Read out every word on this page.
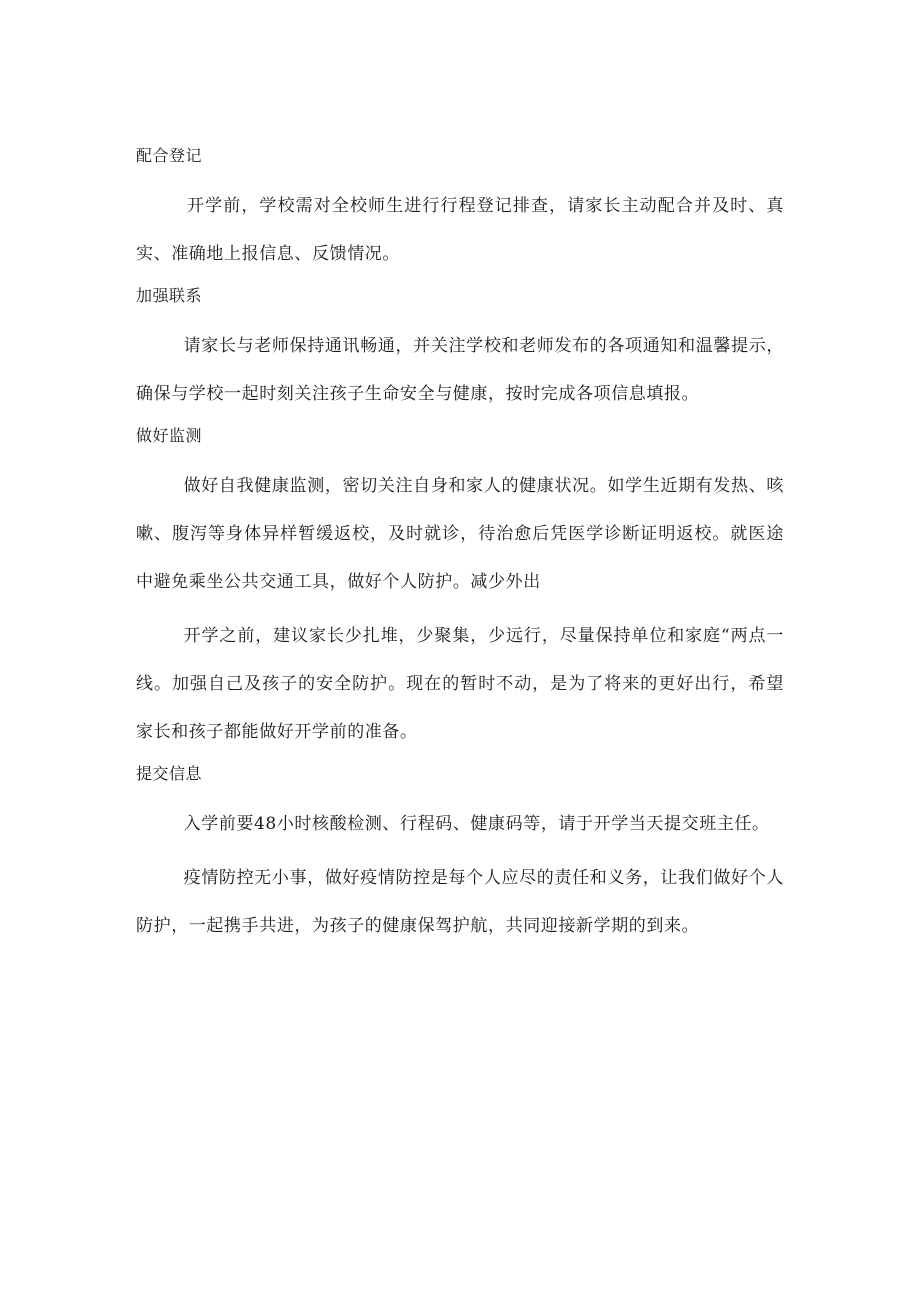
配合登记

开学前，学校需对全校师生进行行程登记排查，请家长主动配合并及时、真实、准确地上报信息、反馈情况。

加强联系

请家长与老师保持通讯畅通，并关注学校和老师发布的各项通知和温馨提示，确保与学校一起时刻关注孩子生命安全与健康，按时完成各项信息填报。

做好监测

做好自我健康监测，密切关注自身和家人的健康状况。如学生近期有发热、咳嗽、腹泻等身体异样暂缓返校，及时就诊，待治愈后凭医学诊断证明返校。就医途中避免乘坐公共交通工具，做好个人防护。减少外出

开学之前，建议家长少扎堆，少聚集，少远行，尽量保持单位和家庭“两点一线。加强自己及孩子的安全防护。现在的暂时不动，是为了将来的更好出行，希望家长和孩子都能做好开学前的准备。

提交信息

入学前要48小时核酸检测、行程码、健康码等，请于开学当天提交班主任。

疫情防控无小事，做好疫情防控是每个人应尽的责任和义务，让我们做好个人防护，一起携手共进，为孩子的健康保驾护航，共同迎接新学期的到来。
